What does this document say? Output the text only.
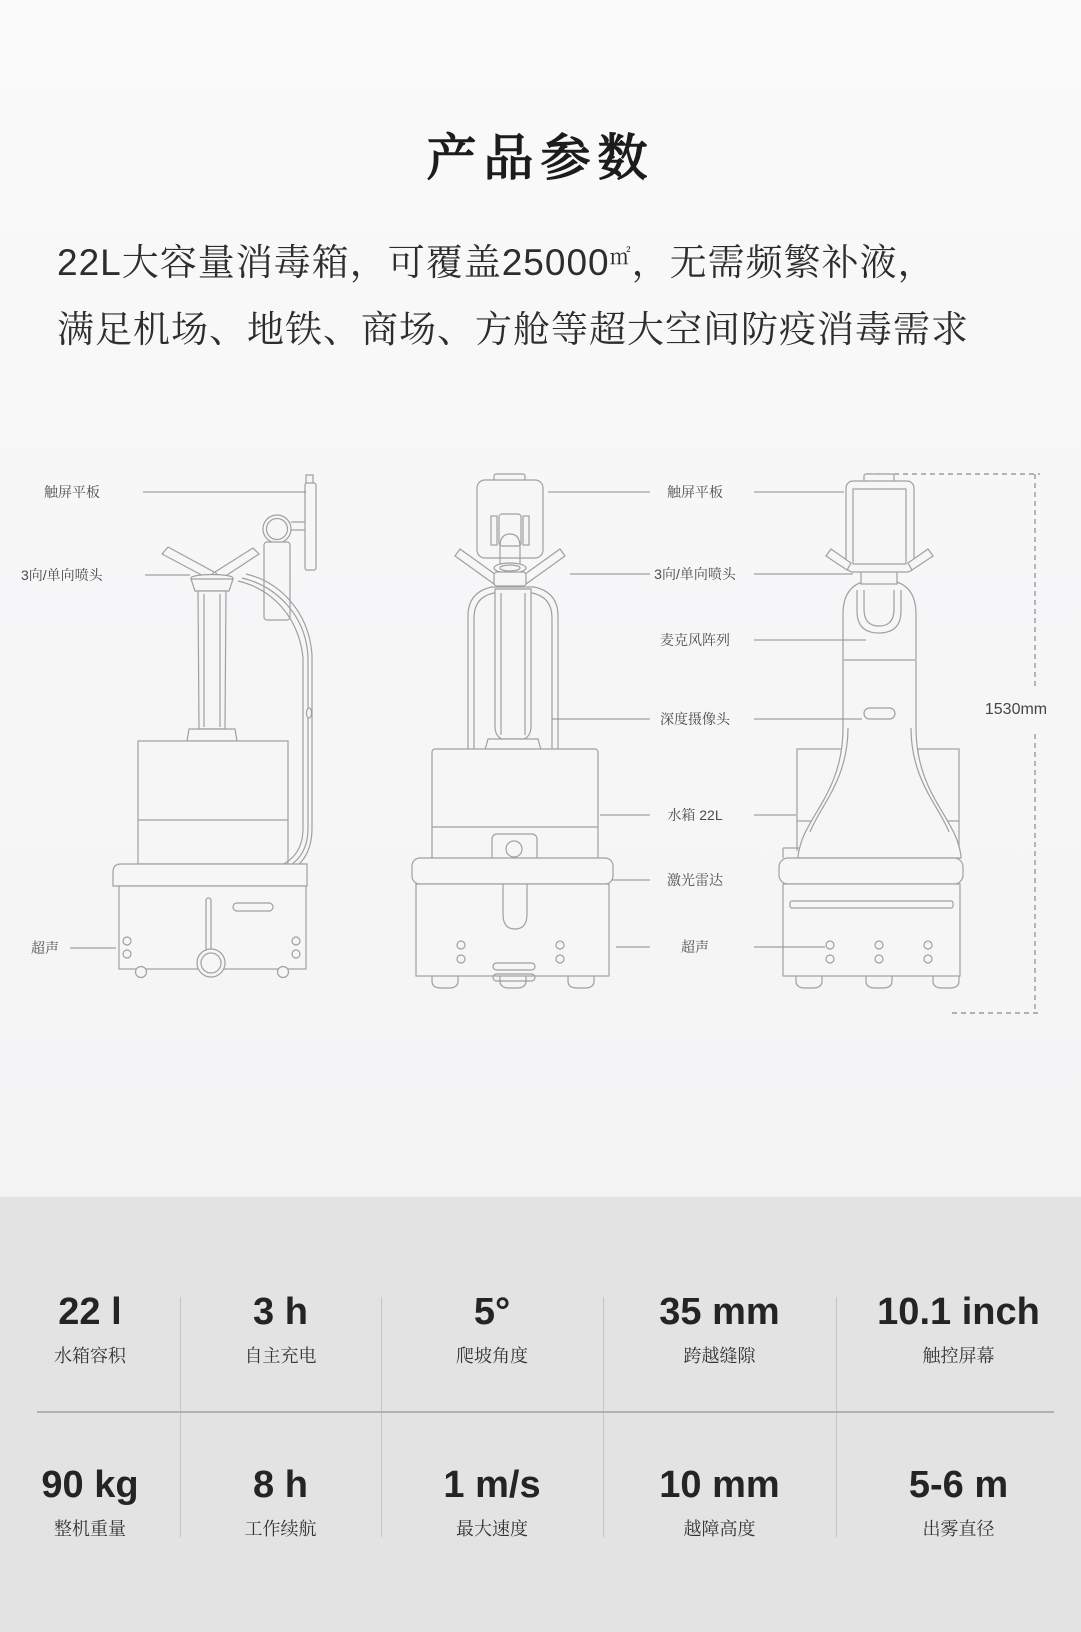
产品参数

22L大容量消毒箱，可覆盖25000㎡，无需频繁补液，
满足机场、地铁、商场、方舱等超大空间防疫消毒需求

触屏平板
3向/单向喷头
超声
触屏平板
3向/单向喷头
麦克风阵列
深度摄像头
水箱 22L
激光雷达
超声
1530mm
22 l
水箱容积
3 h
自主充电
5°
爬坡角度
35 mm
跨越缝隙
10.1 inch
触控屏幕
90 kg
整机重量
8 h
工作续航
1 m/s
最大速度
10 mm
越障高度
5-6 m
出雾直径
